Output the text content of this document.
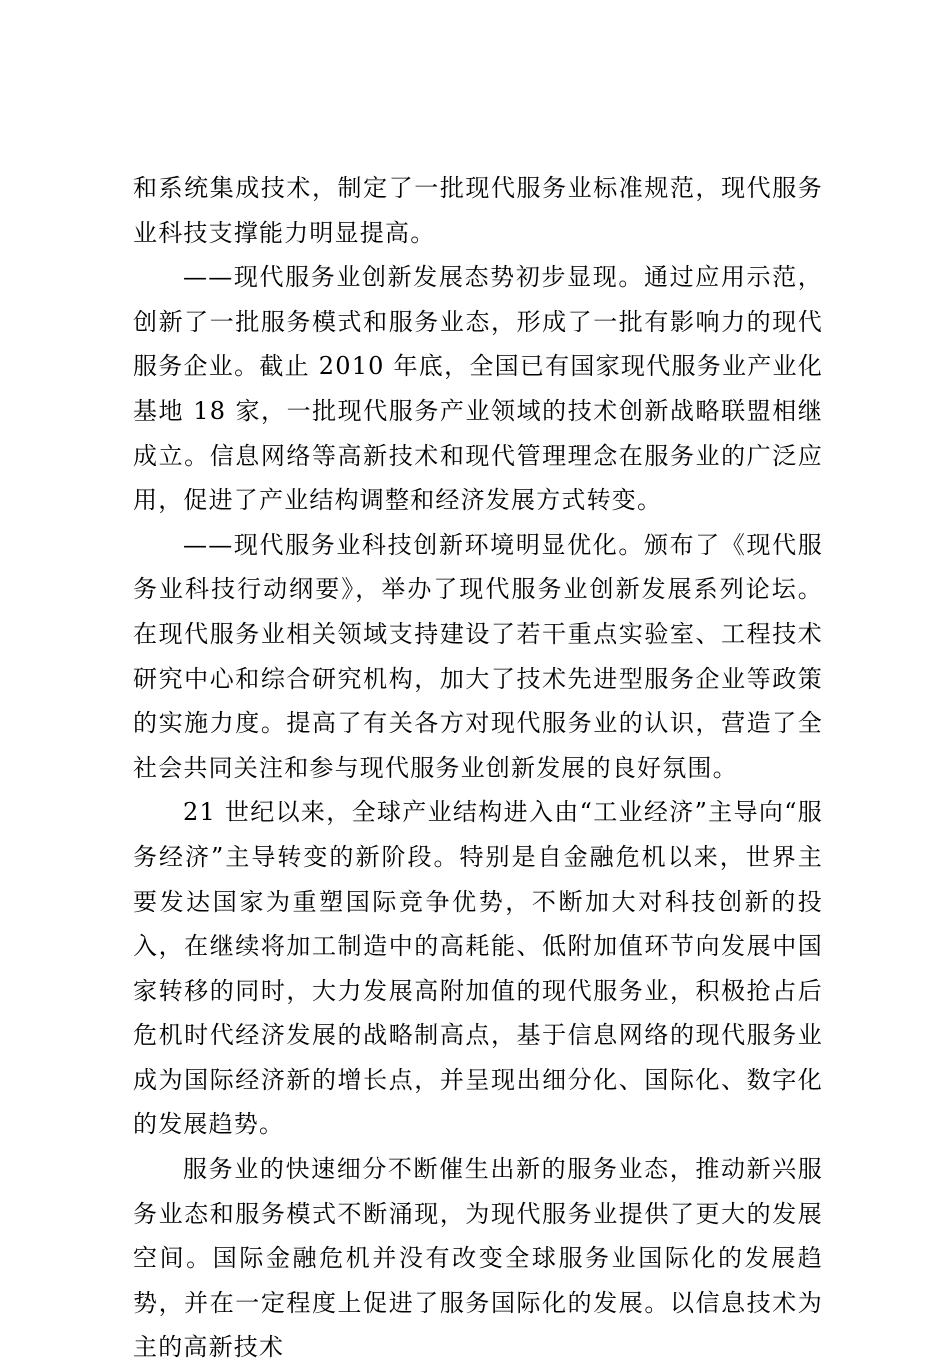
和系统集成技术，制定了一批现代服务业标准规范，现代服务业科技支撑能力明显提高。

——现代服务业创新发展态势初步显现。通过应用示范，创新了一批服务模式和服务业态，形成了一批有影响力的现代服务企业。截止 2010 年底，全国已有国家现代服务业产业化基地 18 家，一批现代服务产业领域的技术创新战略联盟相继成立。信息网络等高新技术和现代管理理念在服务业的广泛应用，促进了产业结构调整和经济发展方式转变。

——现代服务业科技创新环境明显优化。颁布了《现代服务业科技行动纲要》，举办了现代服务业创新发展系列论坛。在现代服务业相关领域支持建设了若干重点实验室、工程技术研究中心和综合研究机构，加大了技术先进型服务企业等政策的实施力度。提高了有关各方对现代服务业的认识，营造了全社会共同关注和参与现代服务业创新发展的良好氛围。

21 世纪以来，全球产业结构进入由“工业经济”主导向“服务经济”主导转变的新阶段。特别是自金融危机以来，世界主要发达国家为重塑国际竞争优势，不断加大对科技创新的投入，在继续将加工制造中的高耗能、低附加值环节向发展中国家转移的同时，大力发展高附加值的现代服务业，积极抢占后危机时代经济发展的战略制高点，基于信息网络的现代服务业成为国际经济新的增长点，并呈现出细分化、国际化、数字化的发展趋势。

服务业的快速细分不断催生出新的服务业态，推动新兴服务业态和服务模式不断涌现，为现代服务业提供了更大的发展空间。国际金融危机并没有改变全球服务业国际化的发展趋势，并在一定程度上促进了服务国际化的发展。以信息技术为主的高新技术
